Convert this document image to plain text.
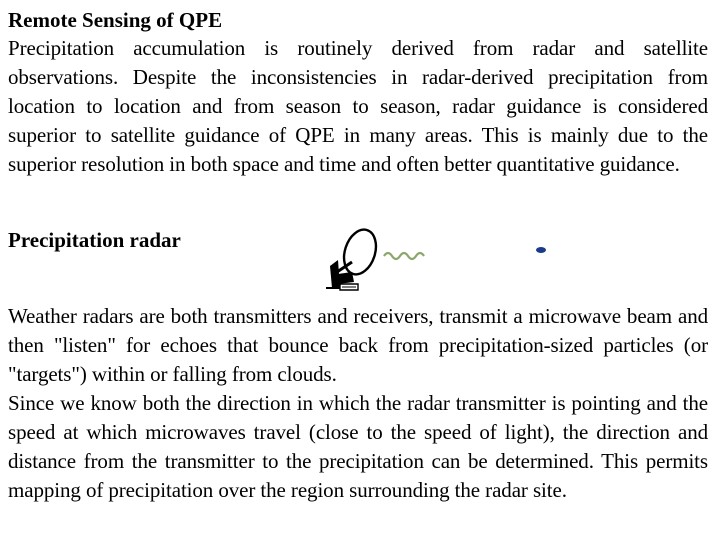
Remote Sensing of QPE

Precipitation accumulation is routinely derived from radar and satellite observations. Despite the inconsistencies in radar-derived precipitation from location to location and from season to season, radar guidance is considered superior to satellite guidance of QPE in many areas. This is mainly due to the superior resolution in both space and time and often better quantitative guidance.

Precipitation radar

Weather radars are both transmitters and receivers, transmit a microwave beam and then "listen" for echoes that bounce back from precipitation-sized particles (or "targets") within or falling from clouds.

Since we know both the direction in which the radar transmitter is pointing and the speed at which microwaves travel (close to the speed of light), the direction and distance from the transmitter to the precipitation can be determined. This permits mapping of precipitation over the region surrounding the radar site.
